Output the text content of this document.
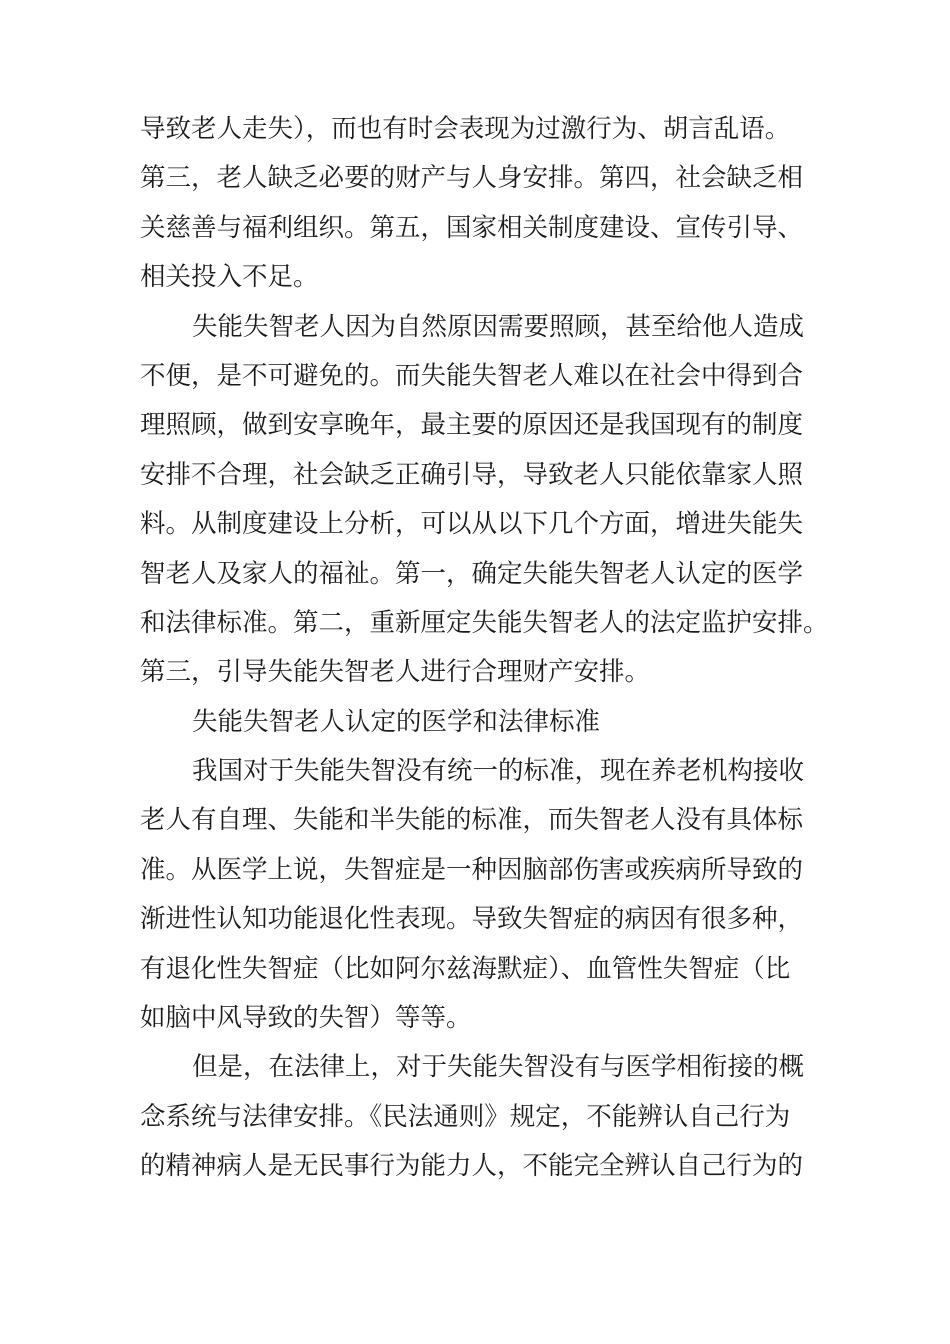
导致老人走失），而也有时会表现为过激行为、胡言乱语。
第三，老人缺乏必要的财产与人身安排。第四，社会缺乏相
关慈善与福利组织。第五，国家相关制度建设、宣传引导、
相关投入不足。
失能失智老人因为自然原因需要照顾，甚至给他人造成
不便，是不可避免的。而失能失智老人难以在社会中得到合
理照顾，做到安享晚年，最主要的原因还是我国现有的制度
安排不合理，社会缺乏正确引导，导致老人只能依靠家人照
料。从制度建设上分析，可以从以下几个方面，增进失能失
智老人及家人的福祉。第一，确定失能失智老人认定的医学
和法律标准。第二，重新厘定失能失智老人的法定监护安排。
第三，引导失能失智老人进行合理财产安排。
失能失智老人认定的医学和法律标准
我国对于失能失智没有统一的标准，现在养老机构接收
老人有自理、失能和半失能的标准，而失智老人没有具体标
准。从医学上说，失智症是一种因脑部伤害或疾病所导致的
渐进性认知功能退化性表现。导致失智症的病因有很多种，
有退化性失智症（比如阿尔兹海默症）、血管性失智症（比
如脑中风导致的失智）等等。
但是，在法律上，对于失能失智没有与医学相衔接的概
念系统与法律安排。《民法通则》规定，不能辨认自己行为
的精神病人是无民事行为能力人，不能完全辨认自己行为的
